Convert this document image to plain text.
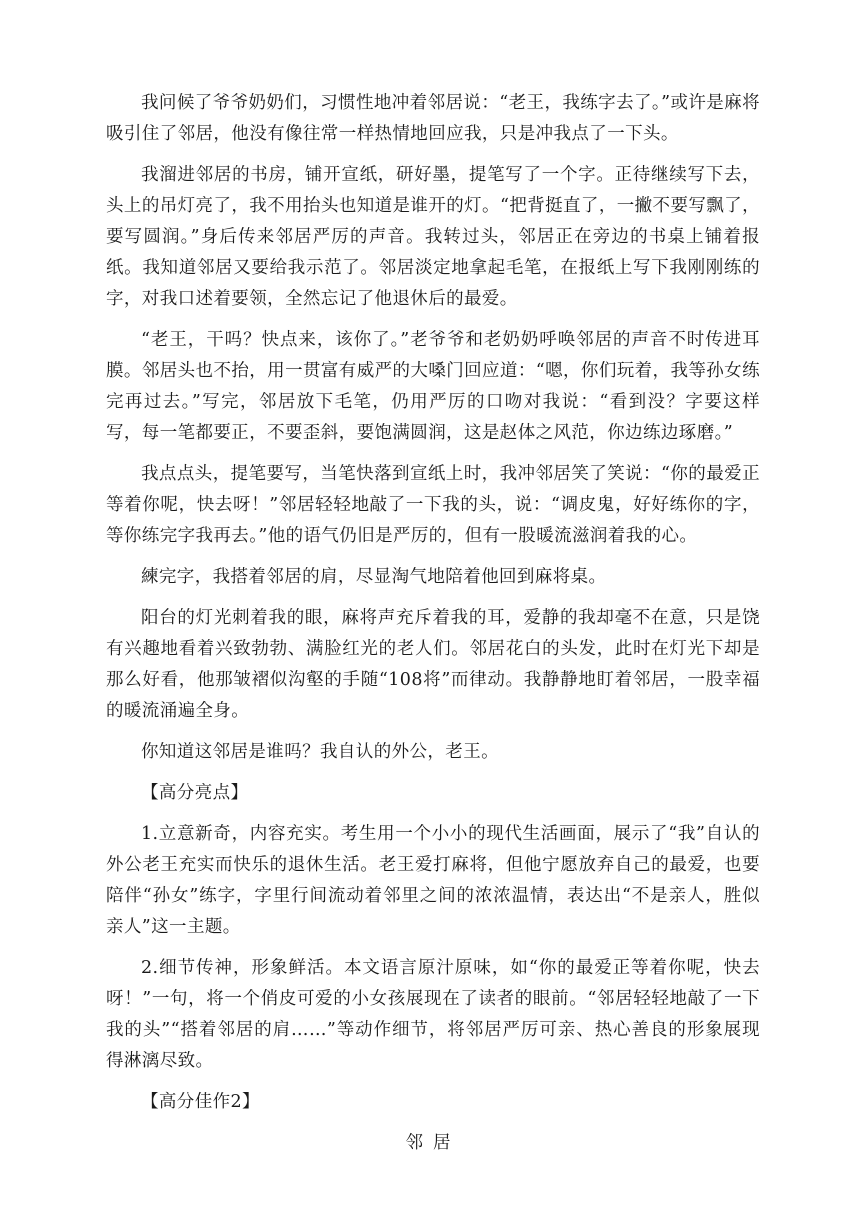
我问候了爷爷奶奶们，习惯性地冲着邻居说：“老王，我练字去了。”或许是麻将吸引住了邻居，他没有像往常一样热情地回应我，只是冲我点了一下头。

我溜进邻居的书房，铺开宣纸，研好墨，提笔写了一个字。正待继续写下去，头上的吊灯亮了，我不用抬头也知道是谁开的灯。“把背挺直了，一撇不要写飘了，要写圆润。”身后传来邻居严厉的声音。我转过头，邻居正在旁边的书桌上铺着报纸。我知道邻居又要给我示范了。邻居淡定地拿起毛笔，在报纸上写下我刚刚练的字，对我口述着要领，全然忘记了他退休后的最爱。

“老王，干吗？快点来，该你了。”老爷爷和老奶奶呼唤邻居的声音不时传进耳膜。邻居头也不抬，用一贯富有威严的大嗓门回应道：“嗯，你们玩着，我等孙女练完再过去。”写完，邻居放下毛笔，仍用严厉的口吻对我说：“看到没？字要这样写，每一笔都要正，不要歪斜，要饱满圆润，这是赵体之风范，你边练边琢磨。”

我点点头，提笔要写，当笔快落到宣纸上时，我冲邻居笑了笑说：“你的最爱正等着你呢，快去呀！”邻居轻轻地敲了一下我的头，说：“调皮鬼，好好练你的字，等你练完字我再去。”他的语气仍旧是严厉的，但有一股暖流滋润着我的心。

練完字，我搭着邻居的肩，尽显淘气地陪着他回到麻将桌。

阳台的灯光刺着我的眼，麻将声充斥着我的耳，爱静的我却毫不在意，只是饶有兴趣地看着兴致勃勃、满脸红光的老人们。邻居花白的头发，此时在灯光下却是那么好看，他那皱褶似沟壑的手随“108将”而律动。我静静地盯着邻居，一股幸福的暖流涌遍全身。

你知道这邻居是谁吗？我自认的外公，老王。

【高分亮点】

1.立意新奇，内容充实。考生用一个小小的现代生活画面，展示了“我”自认的外公老王充实而快乐的退休生活。老王爱打麻将，但他宁愿放弃自己的最爱，也要陪伴“孙女”练字，字里行间流动着邻里之间的浓浓温情，表达出“不是亲人，胜似亲人”这一主题。

2.细节传神，形象鲜活。本文语言原汁原味，如“你的最爱正等着你呢，快去呀！”一句，将一个俏皮可爱的小女孩展现在了读者的眼前。“邻居轻轻地敲了一下我的头”“搭着邻居的肩……”等动作细节，将邻居严厉可亲、热心善良的形象展现得淋漓尽致。

【高分佳作2】

邻居
